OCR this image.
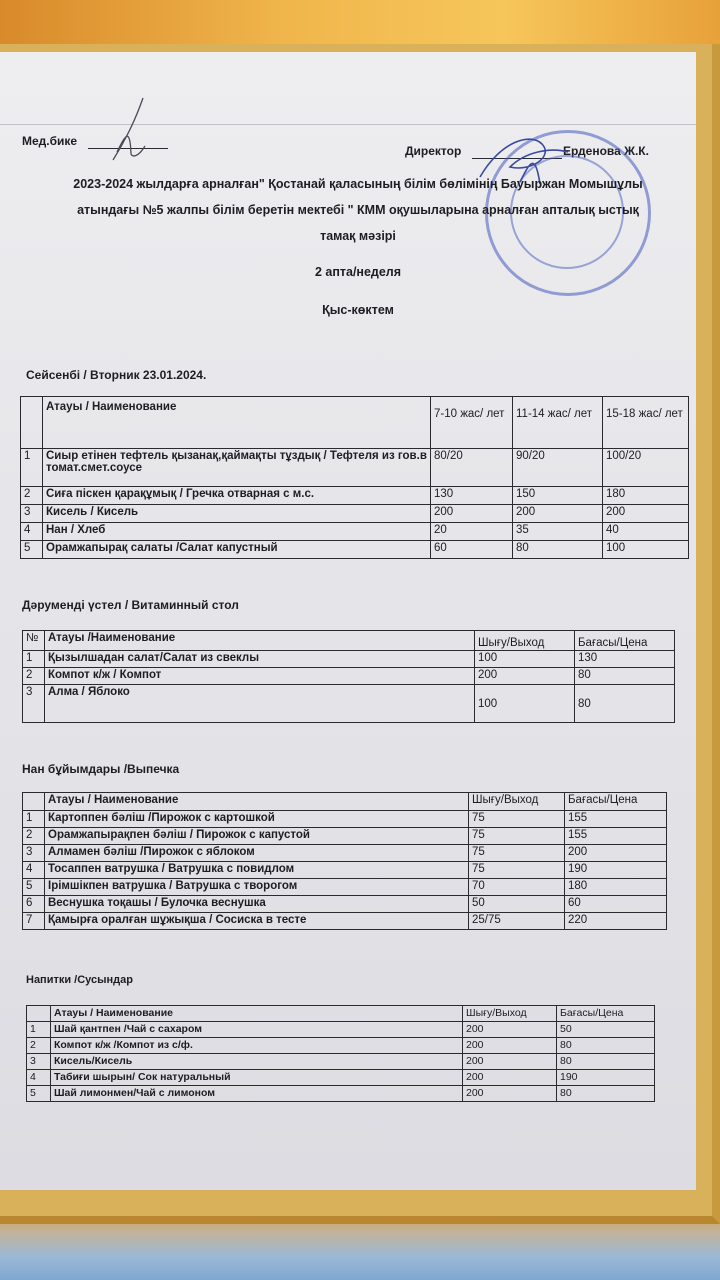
Мед.бике
Директор	Ерденова Ж.К.
2023-2024 жылдарға арналған" Қостанай қаласының білім бөлімінің Бауыржан Момышұлы
атындағы №5 жалпы білім беретін мектебі " КММ оқушыларына арналған апталық ыстық
тамақ мәзірі
2 апта/неделя
Қыс-көктем
Сейсенбі / Вторник 23.01.2024.
	Атауы / Наименование	7-10 жас/ лет	11-14 жас/ лет	15-18 жас/ лет
1	Сиыр етінен тефтель қызанақ,қаймақты тұздық / Тефтеля из гов.в томат.смет.соусе	80/20	90/20	100/20
2	Сиға піскен қарақұмық / Гречка отварная с м.с.	130	150	180
3	Кисель / Кисель	200	200	200
4	Нан / Хлеб	20	35	40
5	Орамжапырақ салаты /Салат капустный	60	80	100
Дәрумендi үстел / Витаминный стол
№	Атауы /Наименование	Шығу/Выход	Бағасы/Цена
1	Қызылшадан салат/Салат из свеклы	100	130
2	Компот к/ж / Компот	200	80
3	Алма / Яблоко	100	80
Нан бұйымдары /Выпечка
	Атауы / Наименование	Шығу/Выход	Бағасы/Цена
1	Картоппен бәліш /Пирожок с картошкой	75	155
2	Орамжапырақпен бәліш / Пирожок с капустой	75	155
3	Алмамен бәліш /Пирожок с яблоком	75	200
4	Тосаппен ватрушка / Ватрушка с повидлом	75	190
5	Ірімшікпен ватрушка / Ватрушка с творогом	70	180
6	Веснушка тоқашы / Булочка веснушка	50	60
7	Қамырға оралған шұжықша / Сосиска в тесте	25/75	220
Напитки /Сусындар
	Атауы / Наименование	Шығу/Выход	Бағасы/Цена
1	Шай қантпен /Чай с сахаром	200	50
2	Компот к/ж /Компот из с/ф.	200	80
3	Кисель/Кисель	200	80
4	Табиғи шырын/ Сок натуральный	200	190
5	Шай лимонмен/Чай с лимоном	200	80
